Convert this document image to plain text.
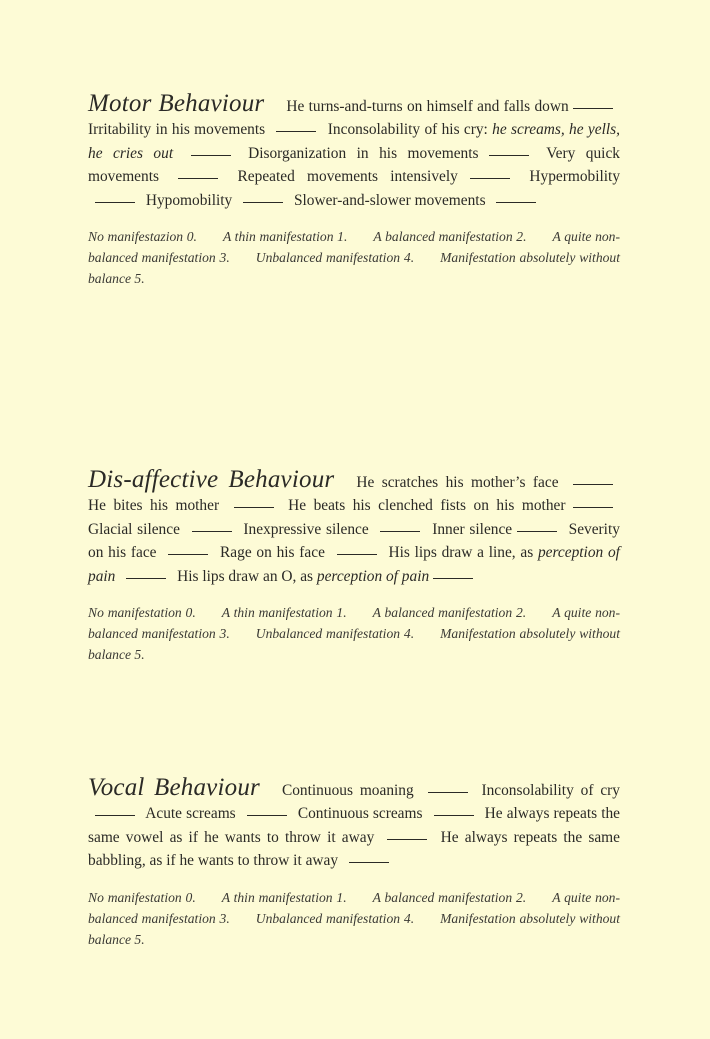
Motor Behaviour He turns-and-turns on himself and falls down  Irritability in his movements	Inconsolability of his cry: he screams, he yells, he cries out	Disorganization in his movements	Very quick movements	Repeated movements intensively	Hypermobility  Hypomobility	Slower-and-slower movements

No manifestazion 0. A thin manifestation 1. A balanced manifestation 2. A quite non-balanced manifestation 3. Unbalanced manifestation 4. Manifestation absolutely without balance 5.

Dis-affective Behaviour He scratches his mother’s face  He bites his mother	He beats his clenched fists on his mother  Glacial silence	Inexpressive silence	Inner silence	Severity on his face	Rage on his face	His lips draw a line, as perception of pain	His lips draw an O, as perception of pain

No manifestation 0. A thin manifestation 1. A balanced manifestation 2. A quite non-balanced manifestation 3. Unbalanced manifestation 4. Manifestation absolutely without balance 5.

Vocal Behaviour Continuous moaning	Inconsolability of cry  Acute screams	Continuous screams	He always repeats the same vowel as if he wants to throw it away	He always repeats the same babbling, as if he wants to throw it away

No manifestation 0. A thin manifestation 1. A balanced manifestation 2. A quite non-balanced manifestation 3. Unbalanced manifestation 4. Manifestation absolutely without balance 5.
